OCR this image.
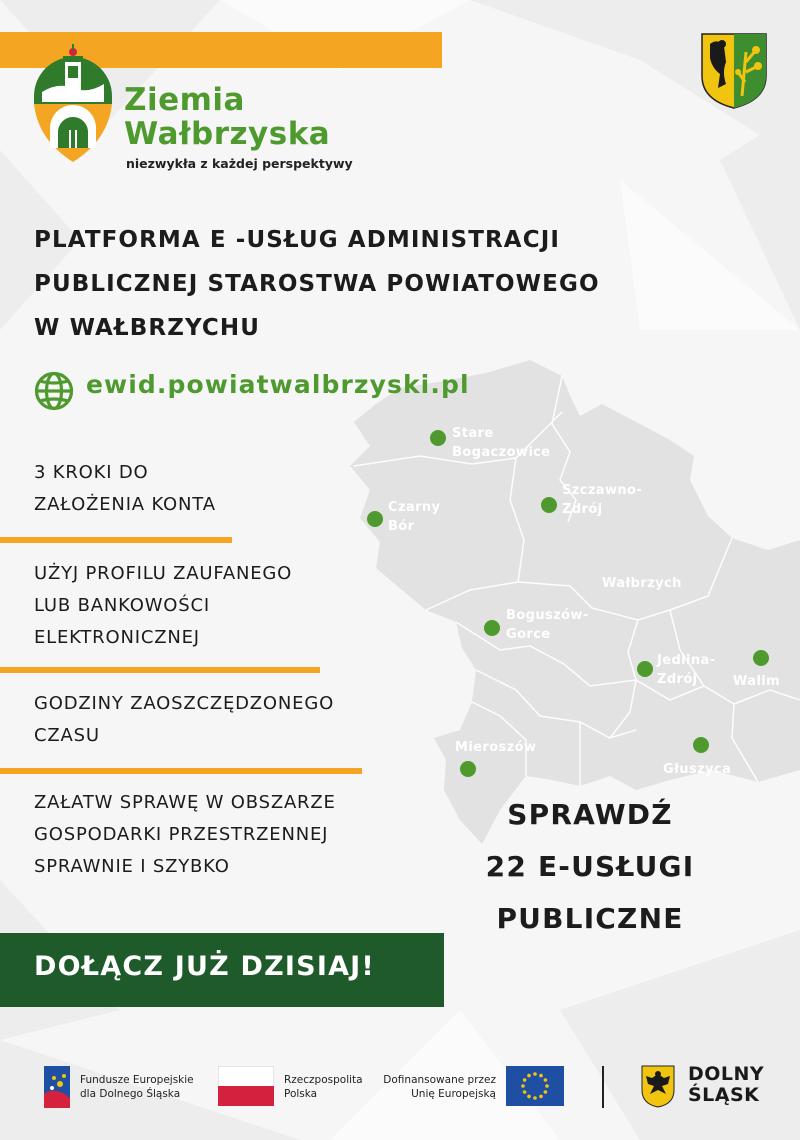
Ziemia
Wałbrzyska
niezwykła z każdej perspektywy
PLATFORMA E -USŁUG ADMINISTRACJI
PUBLICZNEJ STAROSTWA POWIATOWEGO
W WAŁBRZYCHU
Stare
Bogaczowice
Czarny
Bór
Szczawno-
Zdrój
Wałbrzych
Boguszów-
Gorce
Jedlina-
Zdrój	Walim
Mieroszów
Głuszyca
ewid.powiatwalbrzyski.pl
3 KROKI DO
ZAŁOŻENIA KONTA
UŻYJ PROFILU ZAUFANEGO
LUB BANKOWOŚCI
ELEKTRONICZNEJ
GODZINY ZAOSZCZĘDZONEGO
CZASU
ZAŁATW SPRAWĘ W OBSZARZE
GOSPODARKI PRZESTRZENNEJ
SPRAWNIE I SZYBKO
SPRAWDŹ
22 E-USŁUGI
PUBLICZNE
DOŁĄCZ JUŻ DZISIAJ!
Fundusze Europejskie
dla Dolnego Śląska
Rzeczpospolita
Polska
Dofinansowane przez
Unię Europejską
DOLNY
ŚLĄSK
